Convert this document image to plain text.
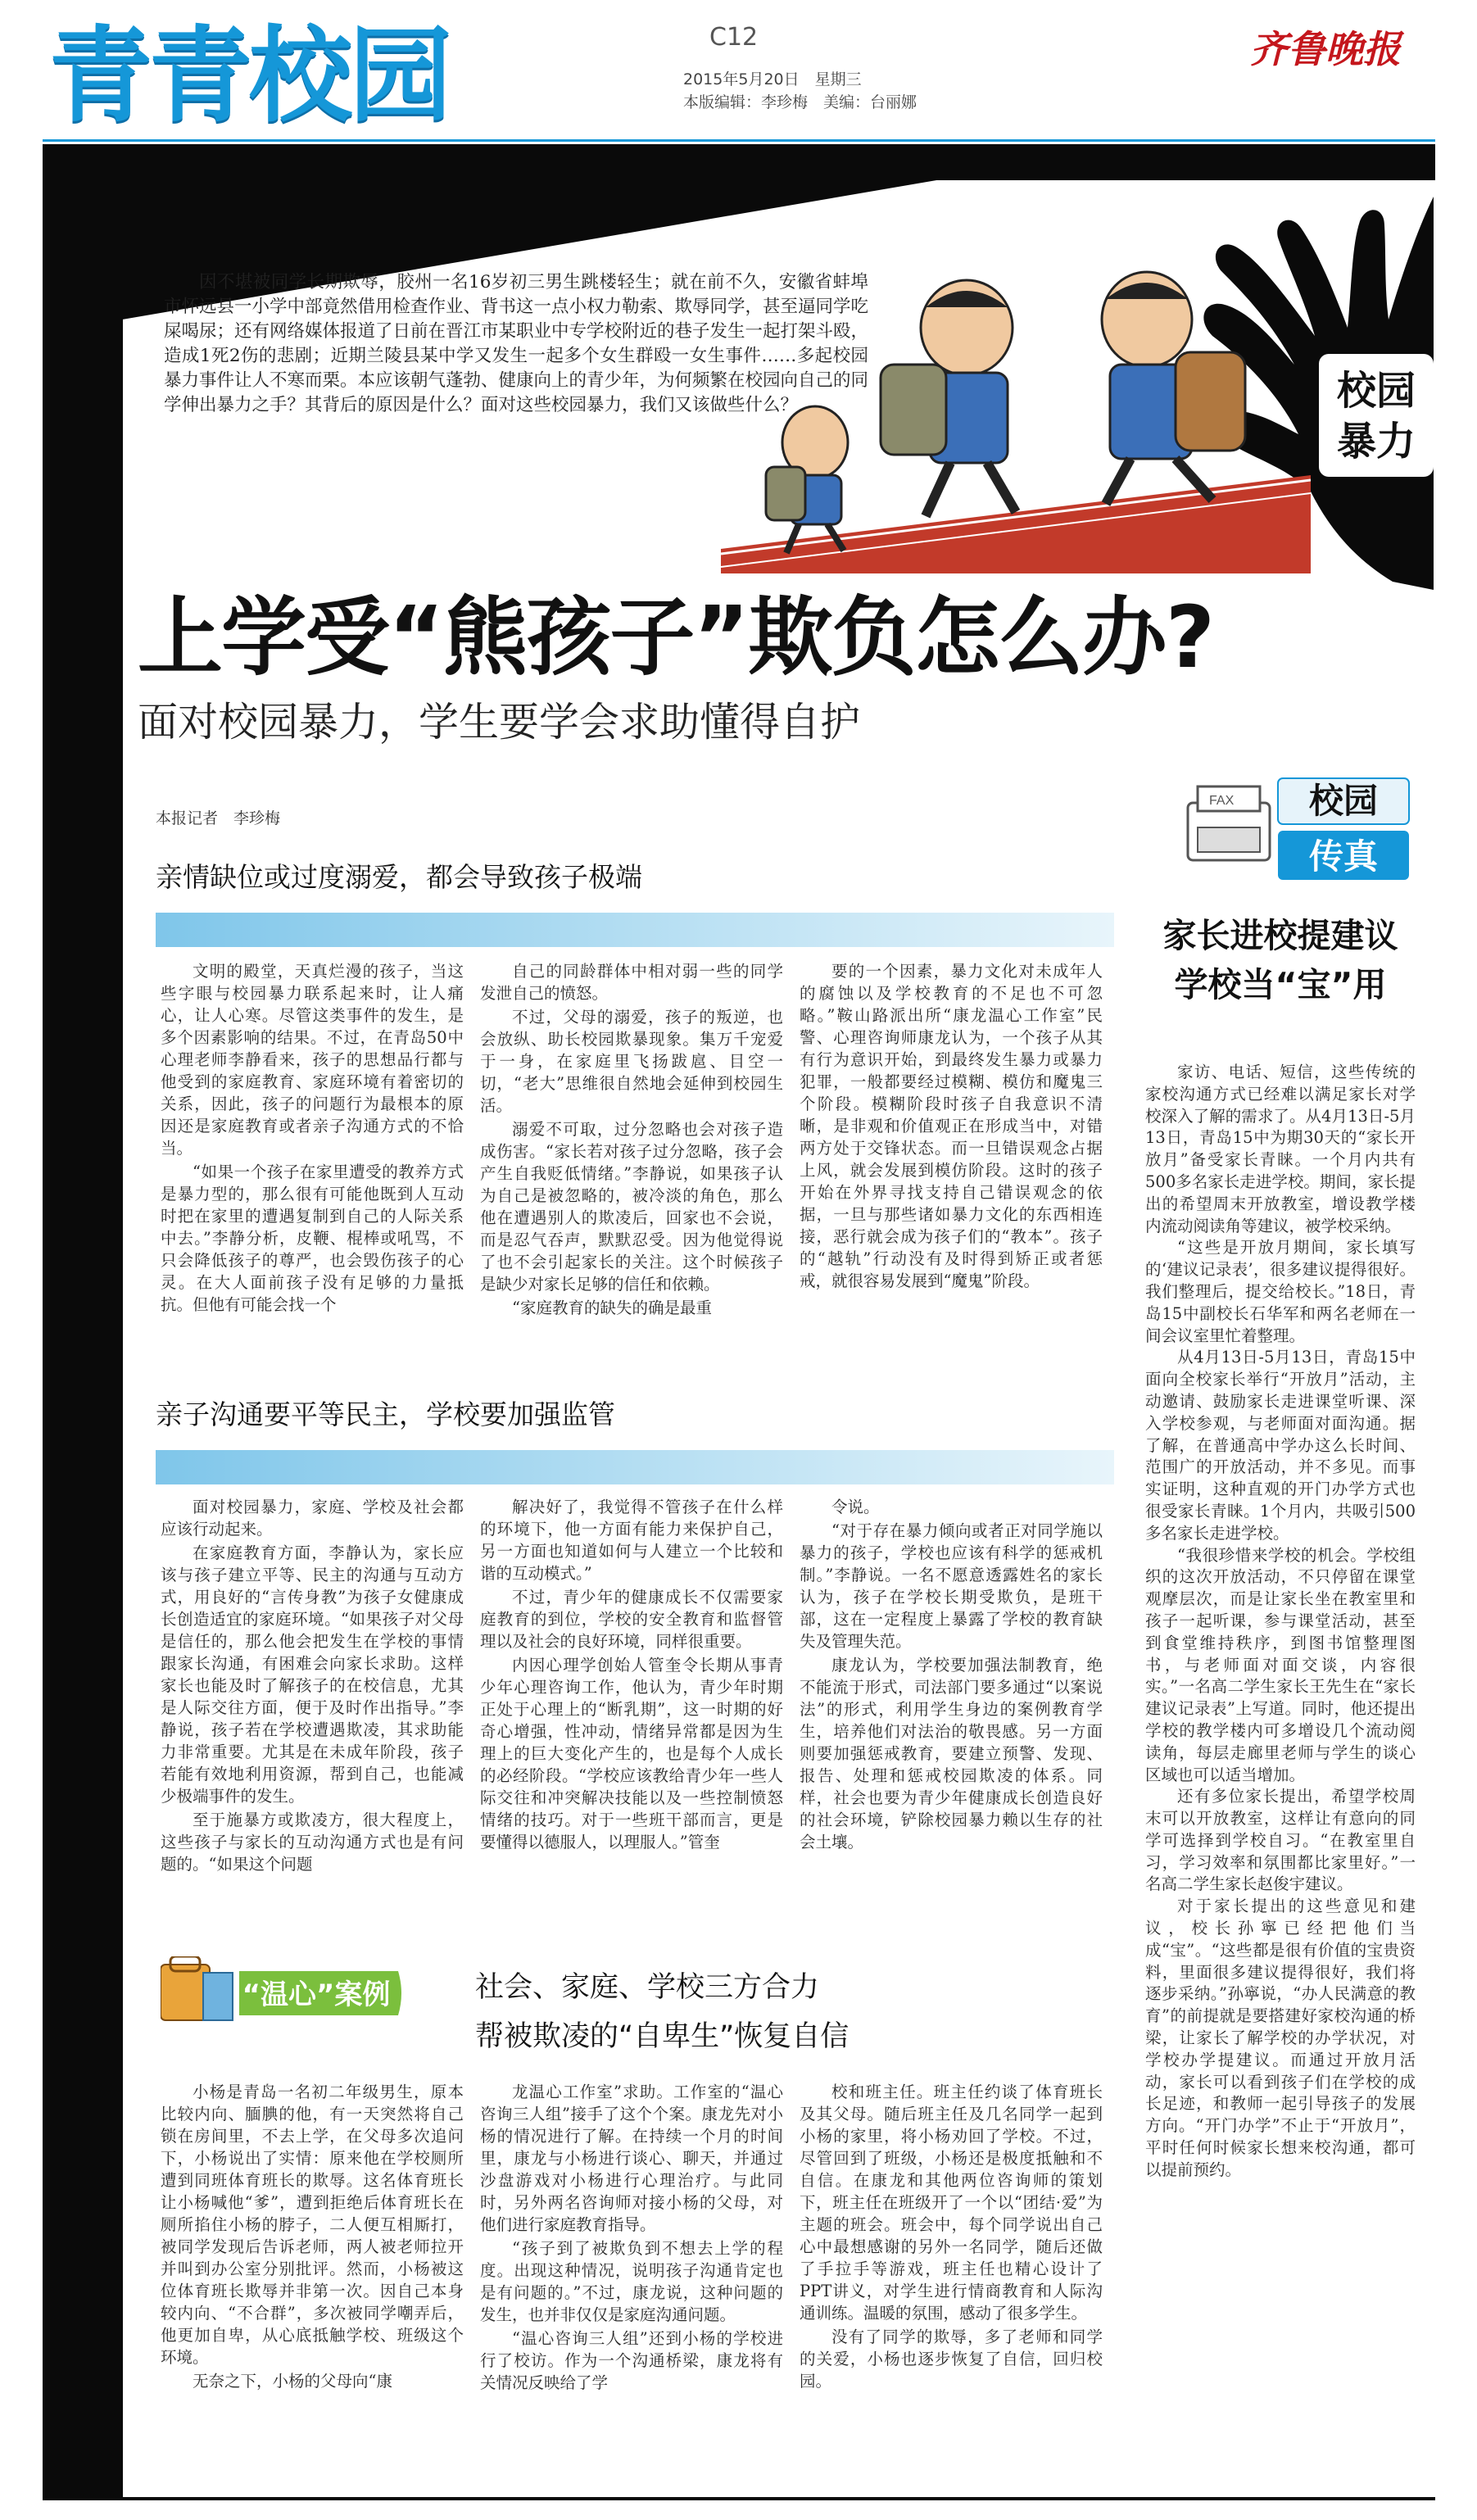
青青校园	C12
2015年5月20日　星期三
本版编辑：李珍梅　美编：台丽娜
齐鲁晚报
校园
暴力

因不堪被同学长期欺辱，胶州一名16岁初三男生跳楼轻生；就在前不久，安徽省蚌埠市怀远县一小学中部竟然借用检查作业、背书这一点小权力勒索、欺辱同学，甚至逼同学吃屎喝尿；还有网络媒体报道了日前在晋江市某职业中专学校附近的巷子发生一起打架斗殴，造成1死2伤的悲剧；近期兰陵县某中学又发生一起多个女生群殴一女生事件……多起校园暴力事件让人不寒而栗。本应该朝气蓬勃、健康向上的青少年，为何频繁在校园向自己的同学伸出暴力之手？其背后的原因是什么？面对这些校园暴力，我们又该做些什么？

上学受“熊孩子”欺负怎么办?
面对校园暴力，学生要学会求助懂得自护
本报记者　李珍梅
亲情缺位或过度溺爱，都会导致孩子极端

文明的殿堂，天真烂漫的孩子，当这些字眼与校园暴力联系起来时，让人痛心，让人心寒。尽管这类事件的发生，是多个因素影响的结果。不过，在青岛50中心理老师李静看来，孩子的思想品行都与他受到的家庭教育、家庭环境有着密切的关系，因此，孩子的问题行为最根本的原因还是家庭教育或者亲子沟通方式的不恰当。

“如果一个孩子在家里遭受的教养方式是暴力型的，那么很有可能他既到人互动时把在家里的遭遇复制到自己的人际关系中去。”李静分析，皮鞭、棍棒或吼骂，不只会降低孩子的尊严，也会毁伤孩子的心灵。在大人面前孩子没有足够的力量抵抗。但他有可能会找一个

自己的同龄群体中相对弱一些的同学发泄自己的愤怒。

不过，父母的溺爱，孩子的叛逆，也会放纵、助长校园欺暴现象。集万千宠爱于一身，在家庭里飞扬跋扈、目空一切，“老大”思维很自然地会延伸到校园生活。

溺爱不可取，过分忽略也会对孩子造成伤害。“家长若对孩子过分忽略，孩子会产生自我贬低情绪。”李静说，如果孩子认为自己是被忽略的，被冷淡的角色，那么他在遭遇别人的欺凌后，回家也不会说，而是忍气吞声，默默忍受。因为他觉得说了也不会引起家长的关注。这个时候孩子是缺少对家长足够的信任和依赖。

“家庭教育的缺失的确是最重

要的一个因素，暴力文化对未成年人的腐蚀以及学校教育的不足也不可忽略。”鞍山路派出所“康龙温心工作室”民警、心理咨询师康龙认为，一个孩子从其有行为意识开始，到最终发生暴力或暴力犯罪，一般都要经过模糊、模仿和魔鬼三个阶段。模糊阶段时孩子自我意识不清晰，是非观和价值观正在形成当中，对错两方处于交锋状态。而一旦错误观念占据上风，就会发展到模仿阶段。这时的孩子开始在外界寻找支持自己错误观念的依据，一旦与那些诸如暴力文化的东西相连接，恶行就会成为孩子们的“教本”。孩子的“越轨”行动没有及时得到矫正或者惩戒，就很容易发展到“魔鬼”阶段。

亲子沟通要平等民主，学校要加强监管

面对校园暴力，家庭、学校及社会都应该行动起来。

在家庭教育方面，李静认为，家长应该与孩子建立平等、民主的沟通与互动方式，用良好的“言传身教”为孩子女健康成长创造适宜的家庭环境。“如果孩子对父母是信任的，那么他会把发生在学校的事情跟家长沟通，有困难会向家长求助。这样家长也能及时了解孩子的在校信息，尤其是人际交往方面，便于及时作出指导。”李静说，孩子若在学校遭遇欺凌，其求助能力非常重要。尤其是在未成年阶段，孩子若能有效地利用资源，帮到自己，也能减少极端事件的发生。

至于施暴方或欺凌方，很大程度上，这些孩子与家长的互动沟通方式也是有问题的。“如果这个问题

解决好了，我觉得不管孩子在什么样的环境下，他一方面有能力来保护自己，另一方面也知道如何与人建立一个比较和谐的互动模式。”

不过，青少年的健康成长不仅需要家庭教育的到位，学校的安全教育和监督管理以及社会的良好环境，同样很重要。

内因心理学创始人管奎令长期从事青少年心理咨询工作，他认为，青少年时期正处于心理上的“断乳期”，这一时期的好奇心增强，性冲动，情绪异常都是因为生理上的巨大变化产生的，也是每个人成长的必经阶段。“学校应该教给青少年一些人际交往和冲突解决技能以及一些控制愤怒情绪的技巧。对于一些班干部而言，更是要懂得以德服人，以理服人。”管奎

令说。

“对于存在暴力倾向或者正对同学施以暴力的孩子，学校也应该有科学的惩戒机制。”李静说。一名不愿意透露姓名的家长认为，孩子在学校长期受欺负，是班干部，这在一定程度上暴露了学校的教育缺失及管理失范。

康龙认为，学校要加强法制教育，绝不能流于形式，司法部门要多通过“以案说法”的形式，利用学生身边的案例教育学生，培养他们对法治的敬畏感。另一方面则要加强惩戒教育，要建立预警、发现、报告、处理和惩戒校园欺凌的体系。同样，社会也要为青少年健康成长创造良好的社会环境，铲除校园暴力赖以生存的社会土壤。

FAX 校园
传真
家长进校提建议
学校当“宝”用

家访、电话、短信，这些传统的家校沟通方式已经难以满足家长对学校深入了解的需求了。从4月13日-5月13日，青岛15中为期30天的“家长开放月”备受家长青睐。一个月内共有500多名家长走进学校。期间，家长提出的希望周末开放教室，增设教学楼内流动阅读角等建议，被学校采纳。

“这些是开放月期间，家长填写的‘建议记录表’，很多建议提得很好。我们整理后，提交给校长。”18日，青岛15中副校长石华军和两名老师在一间会议室里忙着整理。

从4月13日-5月13日，青岛15中面向全校家长举行“开放月”活动，主动邀请、鼓励家长走进课堂听课、深入学校参观，与老师面对面沟通。据了解，在普通高中学办这么长时间、范围广的开放活动，并不多见。而事实证明，这种直观的开门办学方式也很受家长青睐。1个月内，共吸引500多名家长走进学校。

“我很珍惜来学校的机会。学校组织的这次开放活动，不只停留在课堂观摩层次，而是让家长坐在教室里和孩子一起听课，参与课堂活动，甚至到食堂维持秩序，到图书馆整理图书，与老师面对面交谈，内容很实。”一名高二学生家长王先生在“家长建议记录表”上写道。同时，他还提出学校的教学楼内可多增设几个流动阅读角，每层走廊里老师与学生的谈心区域也可以适当增加。

还有多位家长提出，希望学校周末可以开放教室，这样让有意向的同学可选择到学校自习。“在教室里自习，学习效率和氛围都比家里好。”一名高二学生家长赵俊宇建议。

对于家长提出的这些意见和建议，校长孙寧已经把他们当成“宝”。“这些都是很有价值的宝贵资料，里面很多建议提得很好，我们将逐步采纳。”孙寧说，“办人民满意的教育”的前提就是要搭建好家校沟通的桥梁，让家长了解学校的办学状况，对学校办学提建议。而通过开放月活动，家长可以看到孩子们在学校的成长足迹，和教师一起引导孩子的发展方向。“开门办学”不止于“开放月”，平时任何时候家长想来校沟通，都可以提前预约。

“温心”案例	社会、家庭、学校三方合力
帮被欺凌的“自卑生”恢复自信

小杨是青岛一名初二年级男生，原本比较内向、腼腆的他，有一天突然将自己锁在房间里，不去上学，在父母多次追问下，小杨说出了实情：原来他在学校厕所遭到同班体育班长的欺辱。这名体育班长让小杨喊他“爹”，遭到拒绝后体育班长在厕所掐住小杨的脖子，二人便互相厮打，被同学发现后告诉老师，两人被老师拉开并叫到办公室分别批评。然而，小杨被这位体育班长欺辱并非第一次。因自己本身较内向、“不合群”，多次被同学嘲弄后，他更加自卑，从心底抵触学校、班级这个环境。

无奈之下，小杨的父母向“康

龙温心工作室”求助。工作室的“温心咨询三人组”接手了这个个案。康龙先对小杨的情况进行了解。在持续一个月的时间里，康龙与小杨进行谈心、聊天，并通过沙盘游戏对小杨进行心理治疗。与此同时，另外两名咨询师对接小杨的父母，对他们进行家庭教育指导。

“孩子到了被欺负到不想去上学的程度。出现这种情况，说明孩子沟通肯定也是有问题的。”不过，康龙说，这种问题的发生，也并非仅仅是家庭沟通问题。

“温心咨询三人组”还到小杨的学校进行了校访。作为一个沟通桥梁，康龙将有关情况反映给了学

校和班主任。班主任约谈了体育班长及其父母。随后班主任及几名同学一起到小杨的家里，将小杨劝回了学校。不过，尽管回到了班级，小杨还是极度抵触和不自信。在康龙和其他两位咨询师的策划下，班主任在班级开了一个以“团结·爱”为主题的班会。班会中，每个同学说出自己心中最想感谢的另外一名同学，随后还做了手拉手等游戏，班主任也精心设计了PPT讲义，对学生进行情商教育和人际沟通训练。温暖的氛围，感动了很多学生。

没有了同学的欺辱，多了老师和同学的关爱，小杨也逐步恢复了自信，回归校园。
